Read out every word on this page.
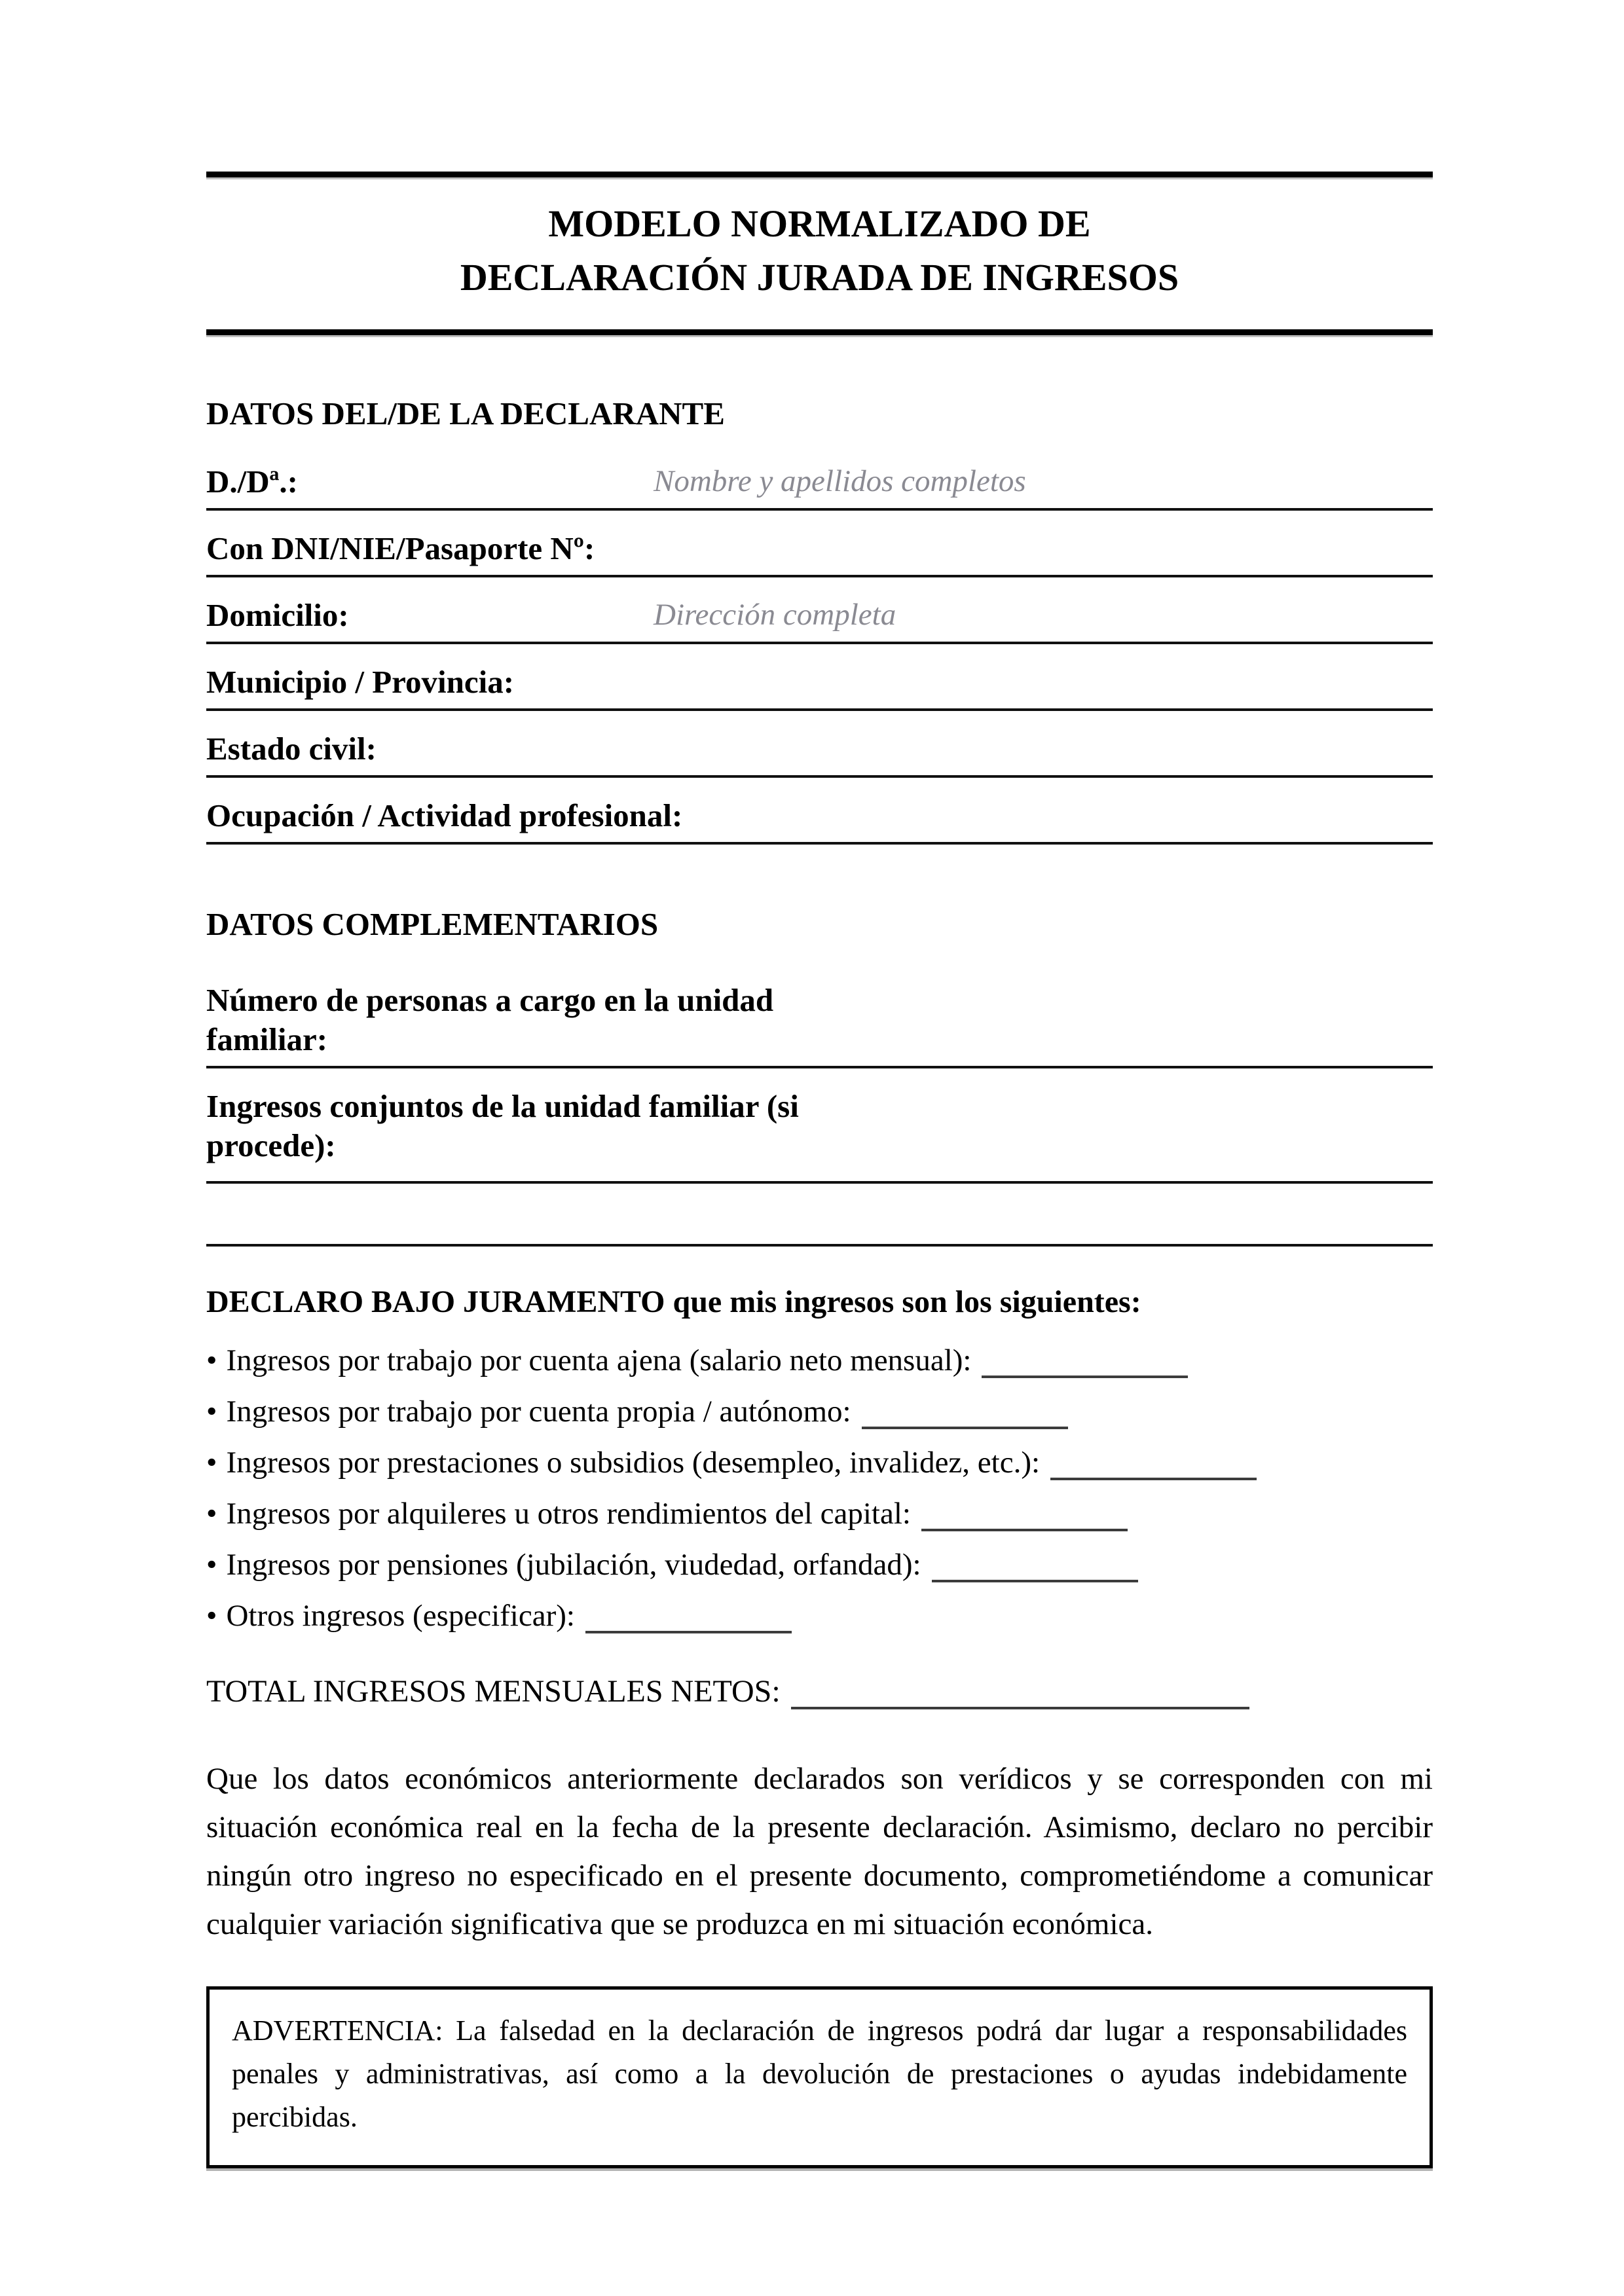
MODELO NORMALIZADO DE
DECLARACIÓN JURADA DE INGRESOS
DATOS DEL/DE LA DECLARANTE
D./Dª.:	Nombre y apellidos completos
Con DNI/NIE/Pasaporte Nº:
Domicilio:	Dirección completa
Municipio / Provincia:
Estado civil:
Ocupación / Actividad profesional:
DATOS COMPLEMENTARIOS
Número de personas a cargo en la unidad familiar:
Ingresos conjuntos de la unidad familiar (si procede):
DECLARO BAJO JURAMENTO que mis ingresos son los siguientes:
• Ingresos por trabajo por cuenta ajena (salario neto mensual):
• Ingresos por trabajo por cuenta propia / autónomo:
• Ingresos por prestaciones o subsidios (desempleo, invalidez, etc.):
• Ingresos por alquileres u otros rendimientos del capital:
• Ingresos por pensiones (jubilación, viudedad, orfandad):
• Otros ingresos (especificar):
TOTAL INGRESOS MENSUALES NETOS:

Que los datos económicos anteriormente declarados son verídicos y se corresponden con mi situación económica real en la fecha de la presente declaración. Asimismo, declaro no percibir ningún otro ingreso no especificado en el presente documento, comprometiéndome a comunicar cualquier variación significativa que se produzca en mi situación económica.

ADVERTENCIA: La falsedad en la declaración de ingresos podrá dar lugar a responsabilidades penales y administrativas, así como a la devolución de prestaciones o ayudas indebidamente percibidas.
